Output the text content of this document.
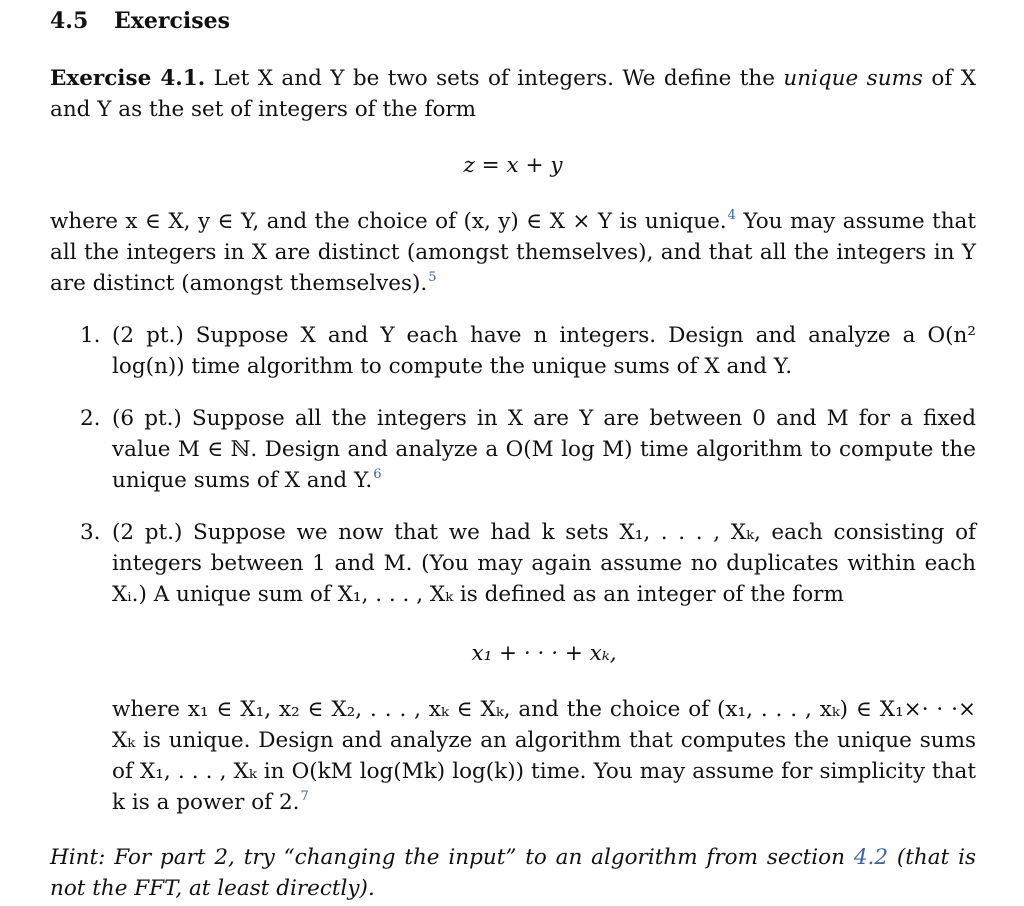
4.5 Exercises

Exercise 4.1. Let X and Y be two sets of integers. We define the unique sums of X and Y as the set of integers of the form

z = x + y

where x ∈ X, y ∈ Y, and the choice of (x, y) ∈ X × Y is unique.$^4$ You may assume that all the integers in X are distinct (amongst themselves), and that all the integers in Y are distinct (amongst themselves).$^5$

1. (2 pt.) Suppose X and Y each have n integers. Design and analyze a O(n² log(n)) time algorithm to compute the unique sums of X and Y.

2. (6 pt.) Suppose all the integers in X are Y are between 0 and M for a fixed value M ∈ ℕ. Design and analyze a O(M log M) time algorithm to compute the unique sums of X and Y.$^6$

3. (2 pt.) Suppose we now that we had k sets X₁, . . . , Xₖ, each consisting of integers between 1 and M. (You may again assume no duplicates within each Xᵢ.) A unique sum of X₁, . . . , Xₖ is defined as an integer of the form

x₁ + · · · + xₖ,

where x₁ ∈ X₁, x₂ ∈ X₂, . . . , xₖ ∈ Xₖ, and the choice of (x₁, . . . , xₖ) ∈ X₁×· · ·× Xₖ is unique. Design and analyze an algorithm that computes the unique sums of X₁, . . . , Xₖ in O(kM log(Mk) log(k)) time. You may assume for simplicity that k is a power of 2.$^7$

Hint: For part 2, try “changing the input” to an algorithm from section 4.2 (that is not the FFT, at least directly).
